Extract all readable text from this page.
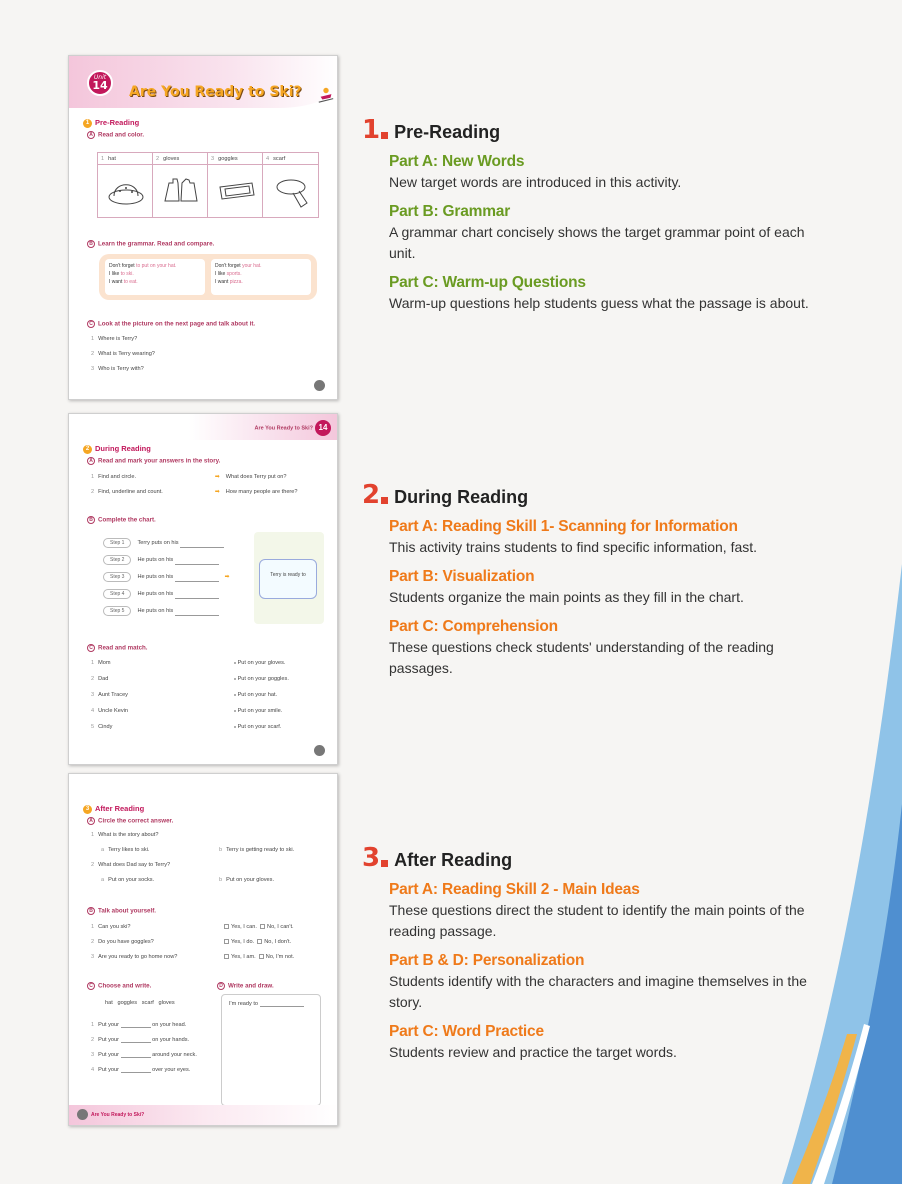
Unit
14 Are You Ready to Ski?
1 Pre-Reading
A Read and color.
1 hat	2 gloves	3 goggles	4 scarf
B Learn the grammar. Read and compare.
Don't forget to put on your hat.
I like to ski.
I want to eat.
Don't forget your hat.
I like sports.
I want pizza.
C Look at the picture on the next page and talk about it.
1 Where is Terry?
2 What is Terry wearing?
3 Who is Terry with?
Are You Ready to Ski? 14
2 During Reading
A Read and mark your answers in the story.
1 Find and circle.	➡ What does Terry put on?
2 Find, underline and count.	➡ How many people are there?
B Complete the chart.
Step 1 Terry puts on his
Step 2 He puts on his
Step 3 He puts on his	➡
Step 4 He puts on his
Step 5 He puts on his
Terry is ready to
C Read and match.
1 Mom
2 Dad
3 Aunt Tracey
4 Uncle Kevin
5 Cindy
Put on your gloves.
Put on your goggles.
Put on your hat.
Put on your smile.
Put on your scarf.
3 After Reading
A Circle the correct answer.
1 What is the story about?
a Terry likes to ski.	b Terry is getting ready to ski.
2 What does Dad say to Terry?
a Put on your socks.	b Put on your gloves.
B Talk about yourself.
1 Can you ski?	Yes, I can. No, I can't.
2 Do you have goggles?	Yes, I do. No, I don't.
3 Are you ready to go home now?	Yes, I am. No, I'm not.
C Choose and write.	D Write and draw.
I'm ready to
hat goggles scarf gloves
1 Put your	on your head.
2 Put your	on your hands.
3 Put your	around your neck.
4 Put your	over your eyes.
Are You Ready to Ski?
1 Pre-Reading
Part A: New Words
New target words are introduced in this activity.
Part B: Grammar
A grammar chart concisely shows the target grammar point of each unit.
Part C: Warm-up Questions
Warm-up questions help students guess what the passage is about.
2 During Reading
Part A: Reading Skill 1- Scanning for Information
This activity trains students to find specific information, fast.
Part B: Visualization
Students organize the main points as they fill in the chart.
Part C: Comprehension
These questions check students' understanding of the reading passages.
3 After Reading
Part A: Reading Skill 2 - Main Ideas
These questions direct the student to identify the main points of the reading passage.
Part B & D: Personalization
Students identify with the characters and imagine themselves in the story.
Part C: Word Practice
Students review and practice the target words.
